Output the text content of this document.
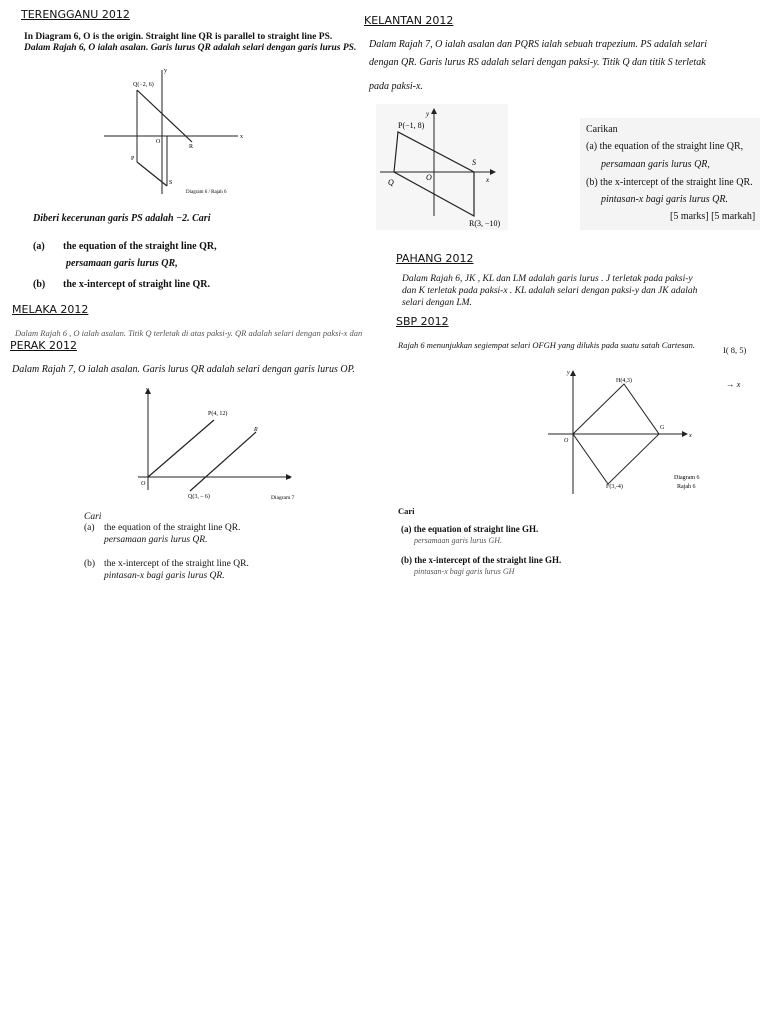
TERENGGANU 2012
In Diagram 6, O is the origin. Straight line QR is parallel to straight line PS.
Dalam Rajah 6, O ialah asalan. Garis lurus QR adalah selari dengan garis lurus PS.
Q(−2, 6)
O
R
P
S
x
y
Diagram 6 / Rajah 6
Diberi kecerunan garis PS adalah −2. Cari
(a) the equation of the straight line QR,
persamaan garis lurus QR,
(b) the x-intercept of straight line QR.
KELANTAN 2012
Dalam Rajah 7, O ialah asalan dan PQRS ialah sebuah trapezium. PS adalah selari
dengan QR. Garis lurus RS adalah selari dengan paksi-y. Titik Q dan titik S terletak
pada paksi-x.
P(−1, 8)
Q
O
S
R(3, −10)
x
y
Carikan
(a) the equation of the straight line QR,
persamaan garis lurus QR,
(b) the x-intercept of the straight line QR.
pintasan-x bagi garis lurus QR.
[5 marks] [5 markah]
PAHANG 2012
Dalam Rajah 6, JK , KL dan LM adalah garis lurus . J terletak pada paksi-y
dan K terletak pada paksi-x . KL adalah selari dengan paksi-y dan JK adalah
selari dengan LM.
MELAKA 2012
Dalam Rajah 6 , O ialah asalan. Titik Q terletak di atas paksi-y. QR adalah selari dengan paksi-x dan
SBP 2012
Rajah 6 menunjukkan segiempat selari OFGH yang dilukis pada suatu satah Cartesan.	I( 8, 5)
→ x
H(4,3)
G
O
F(3,-4)
x
y
Diagram 6
Rajah 6
Cari
(a) the equation of straight line GH.
persamaan garis lurus GH.
(b) the x-intercept of the straight line GH.
pintasan-x bagi garis lurus GH
PERAK 2012
Dalam Rajah 7, O ialah asalan. Garis lurus QR adalah selari dengan garis lurus OP.
P(4, 12)
R
O
Q(3, – 6)
x
y
Diagram 7
Cari
(a) the equation of the straight line QR.
persamaan garis lurus QR.
(b) the x-intercept of the straight line QR.
pintasan-x bagi garis lurus QR.
